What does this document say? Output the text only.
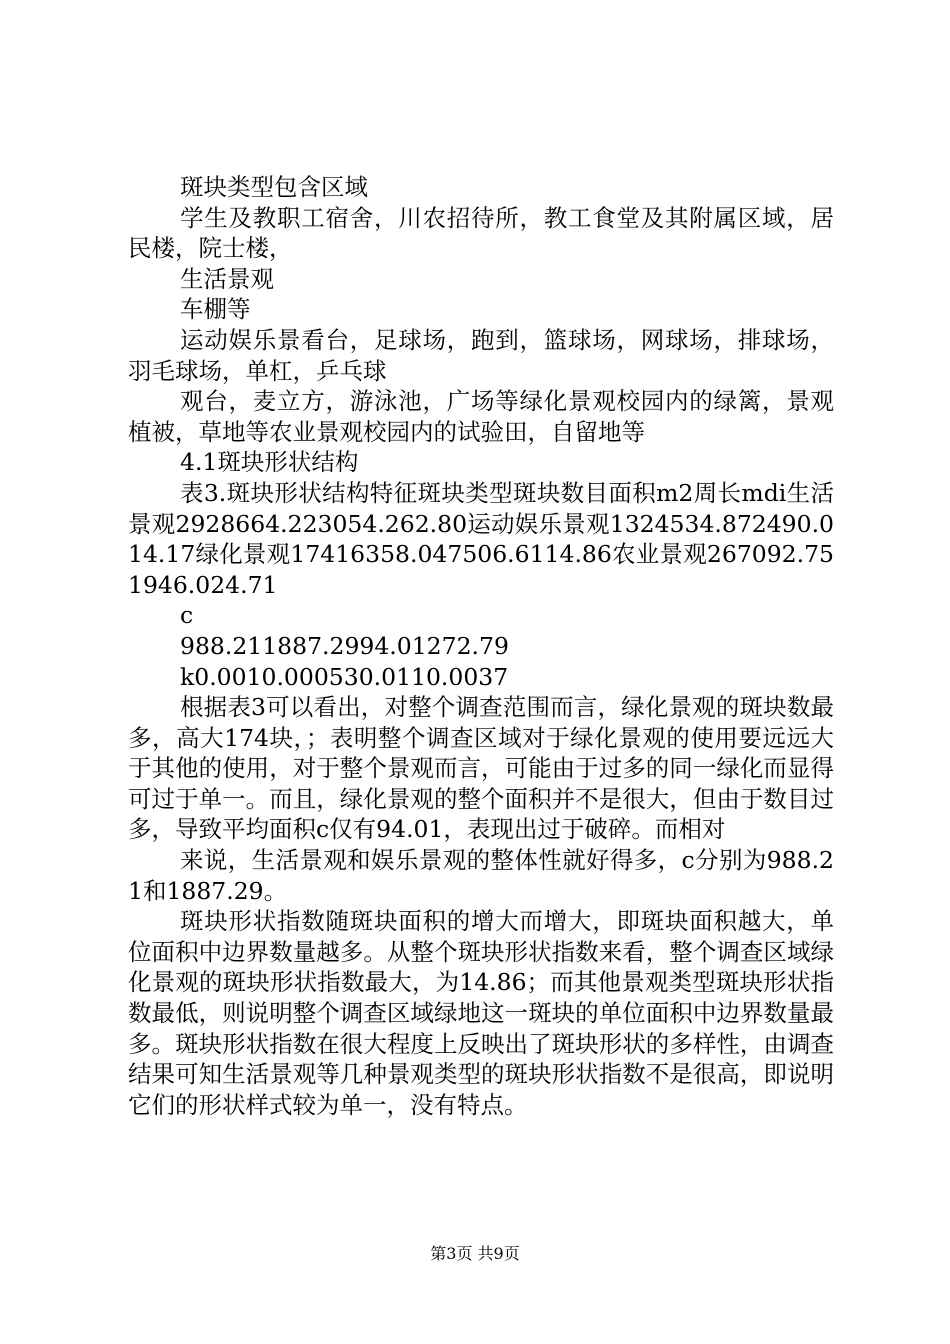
斑块类型包含区域

学生及教职工宿舍，川农招待所，教工食堂及其附属区域，居民楼，院士楼，

生活景观

车棚等

运动娱乐景看台，足球场，跑到，篮球场，网球场，排球场，羽毛球场，单杠，乒乓球

观台，麦立方，游泳池，广场等绿化景观校园内的绿篱，景观植被，草地等农业景观校园内的试验田，自留地等

4.1斑块形状结构

表3.斑块形状结构特征斑块类型斑块数目面积m2周长mdi生活景观2928664.223054.262.80运动娱乐景观1324534.872490.014.17绿化景观17416358.047506.6114.86农业景观267092.751946.024.71

c

988.211887.2994.01272.79

k0.0010.000530.0110.0037

根据表3可以看出，对整个调查范围而言，绿化景观的斑块数最多，高大174块，；表明整个调查区域对于绿化景观的使用要远远大于其他的使用，对于整个景观而言，可能由于过多的同一绿化而显得可过于单一。而且，绿化景观的整个面积并不是很大，但由于数目过多，导致平均面积c仅有94.01，表现出过于破碎。而相对

来说，生活景观和娱乐景观的整体性就好得多，c分别为988.21和1887.29。

斑块形状指数随斑块面积的增大而增大，即斑块面积越大，单位面积中边界数量越多。从整个斑块形状指数来看，整个调查区域绿化景观的斑块形状指数最大，为14.86；而其他景观类型斑块形状指数最低，则说明整个调查区域绿地这一斑块的单位面积中边界数量最多。斑块形状指数在很大程度上反映出了斑块形状的多样性，由调查结果可知生活景观等几种景观类型的斑块形状指数不是很高，即说明它们的形状样式较为单一，没有特点。

第3页 共9页
